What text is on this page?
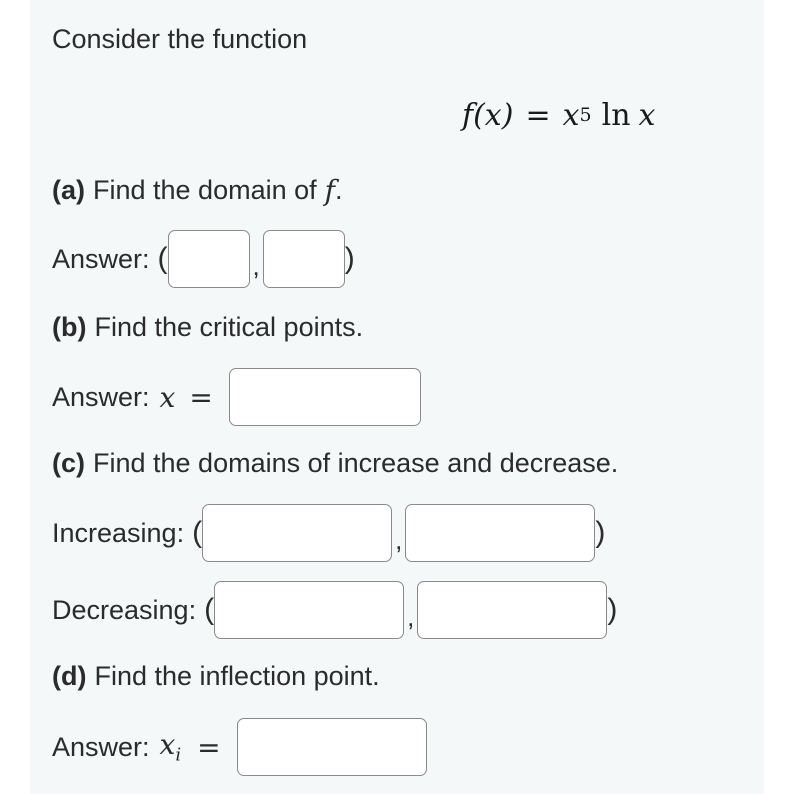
Consider the function
$f(x) = x^5$ ln x
(a) Find the domain of f .
Answer: (	,	)
(b) Find the critical points.
Answer: x =
(c) Find the domains of increase and decrease.
Increasing: (	,	)
Decreasing: (	,	)
(d) Find the inflection point.
Answer: $x_i$ =
